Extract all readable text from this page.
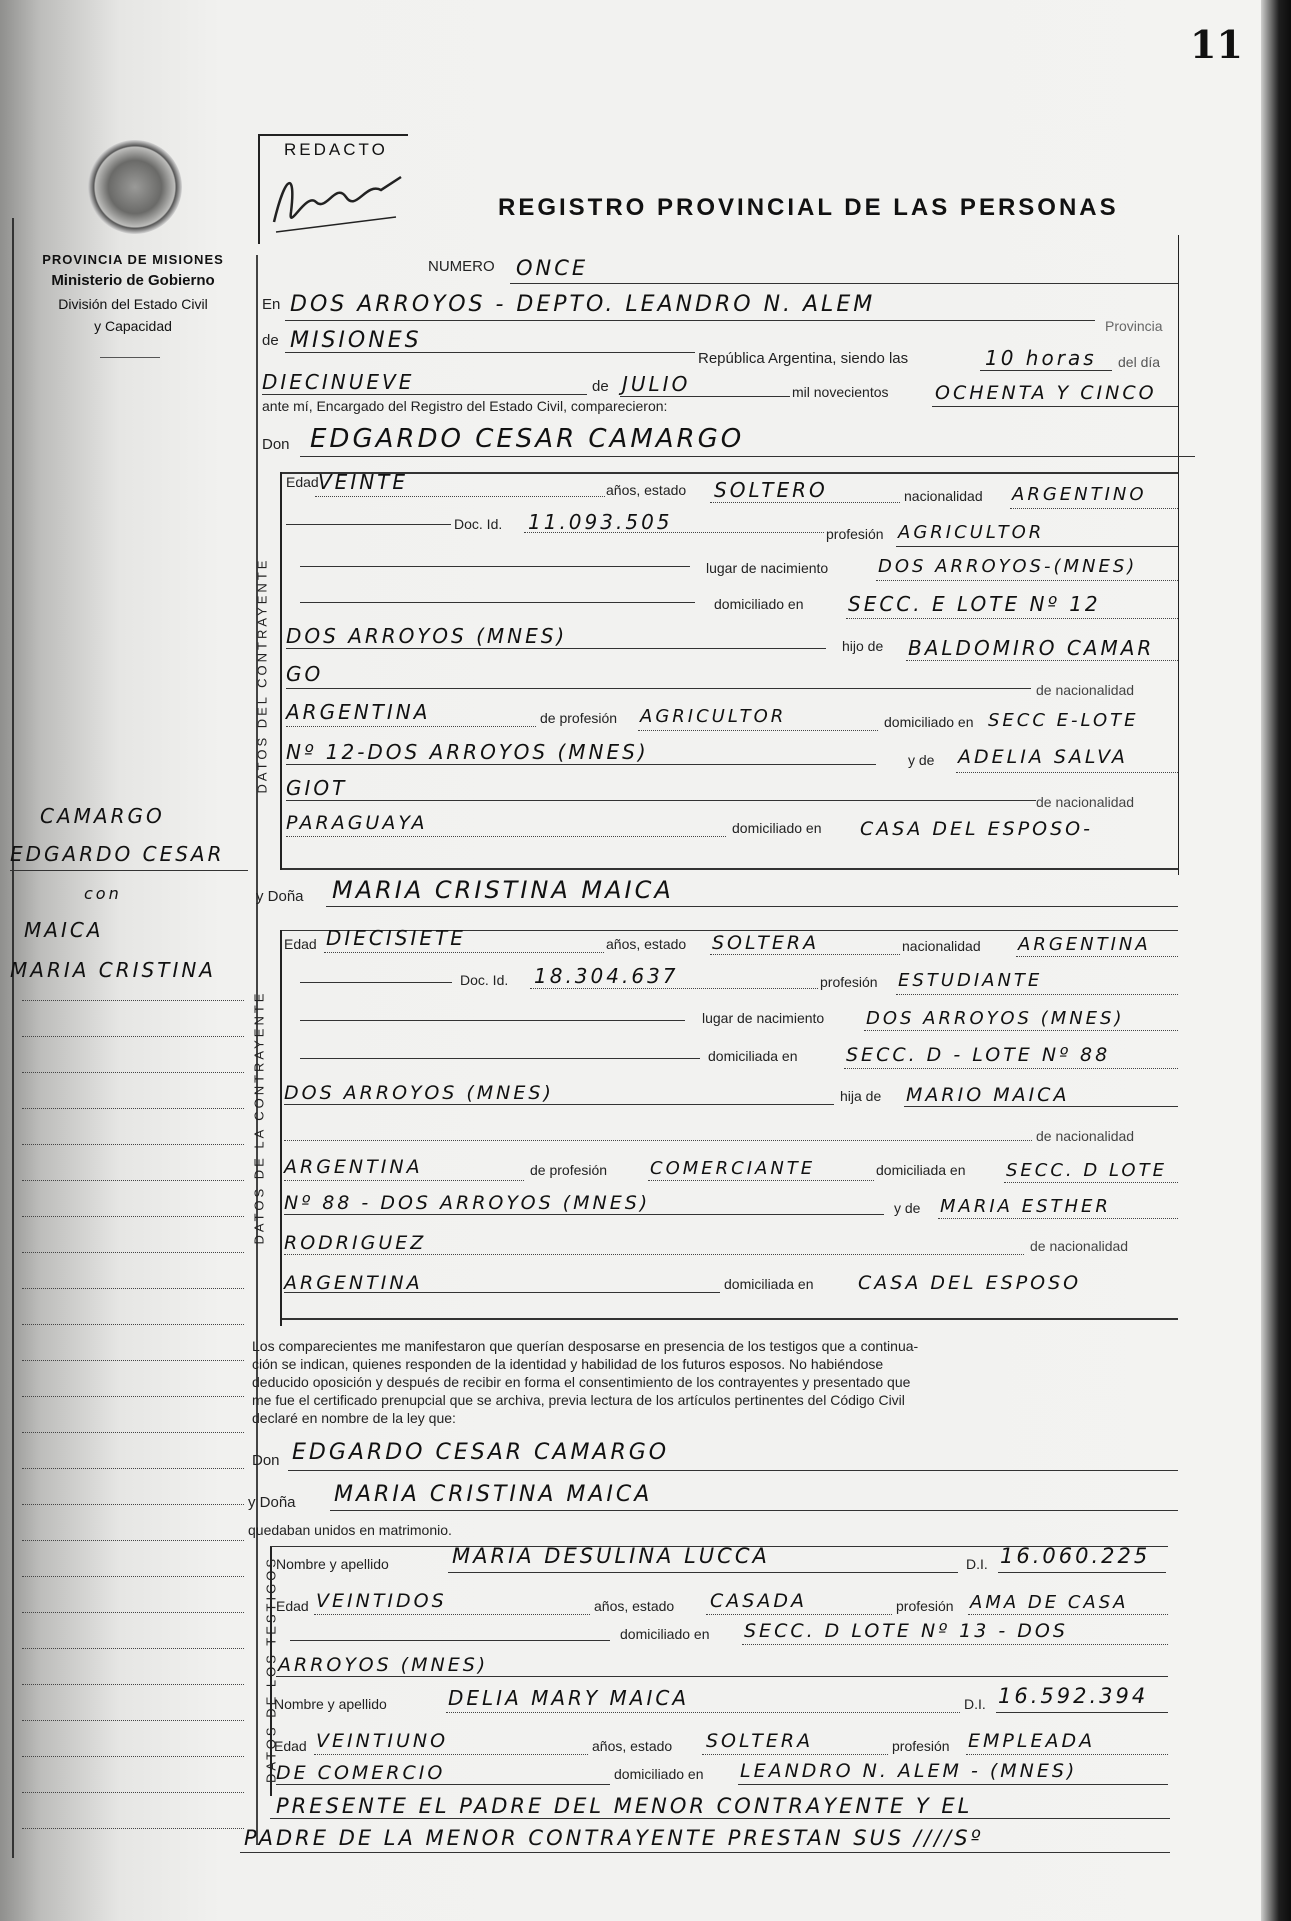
11
REDACTO
REGISTRO PROVINCIAL DE LAS PERSONAS
PROVINCIA DE MISIONES
Ministerio de Gobierno
División del Estado Civil
y Capacidad
CAMARGO
EDGARDO CESAR
con
MAICA
MARIA CRISTINA
NUMERO ONCE
En DOS ARROYOS - DEPTO. LEANDRO N. ALEM
Provincia
de MISIONES
República Argentina, siendo las	10 horas del día
DIECINUEVE	de JULIO	mil novecientos OCHENTA Y CINCO
ante mí, Encargado del Registro del Estado Civil, comparecieron:
Don EDGARDO CESAR CAMARGO
DATOS DEL CONTRAYENTE
Edad VEINTE	años, estado SOLTERO	nacionalidad ARGENTINO
Doc. Id. 11.093.505	profesión AGRICULTOR
lugar de nacimiento	DOS ARROYOS-(MNES)
domiciliado en SECC. E LOTE Nº 12
DOS ARROYOS (MNES)	hijo de BALDOMIRO CAMAR
GO
de nacionalidad
ARGENTINA	de profesión AGRICULTOR	domiciliado en SECC E-LOTE
Nº 12-DOS ARROYOS (MNES)	y de ADELIA SALVA
GIOT
de nacionalidad
PARAGUAYA	domiciliado en CASA DEL ESPOSO-
y Doña MARIA CRISTINA MAICA
DATOS DE LA CONTRAYENTE
Edad DIECISIETE	años, estado SOLTERA	nacionalidad ARGENTINA
Doc. Id. 18.304.637	profesión ESTUDIANTE
lugar de nacimiento DOS ARROYOS (MNES)
domiciliada en	SECC. D - LOTE Nº 88
DOS ARROYOS (MNES)	hija de MARIO MAICA
de nacionalidad
ARGENTINA	de profesión COMERCIANTE	domiciliada en SECC. D LOTE
Nº 88 - DOS ARROYOS (MNES)	y de MARIA ESTHER
RODRIGUEZ	de nacionalidad
ARGENTINA	domiciliada en CASA DEL ESPOSO
Los comparecientes me manifestaron que querían desposarse en presencia de los testigos que a continua-
ción se indican, quienes responden de la identidad y habilidad de los futuros esposos. No habiéndose
deducido oposición y después de recibir en forma el consentimiento de los contrayentes y presentado que
me fue el certificado prenupcial que se archiva, previa lectura de los artículos pertinentes del Código Civil
declaré en nombre de la ley que:
Don EDGARDO CESAR CAMARGO
y Doña MARIA CRISTINA MAICA
quedaban unidos en matrimonio.
DATOS DE LOS TESTIGOS
Nombre y apellido	MARIA DESULINA LUCCA	D.I. 16.060.225
Edad VEINTIDOS	años, estado CASADA	profesión AMA DE CASA
domiciliado en SECC. D LOTE Nº 13 - DOS
ARROYOS (MNES)
Nombre y apellido	DELIA MARY MAICA	D.I. 16.592.394
Edad VEINTIUNO	años, estado SOLTERA	profesión EMPLEADA
DE COMERCIO	domiciliado en LEANDRO N. ALEM - (MNES)
PRESENTE EL PADRE DEL MENOR CONTRAYENTE Y EL
PADRE DE LA MENOR CONTRAYENTE PRESTAN SUS ////Sº
